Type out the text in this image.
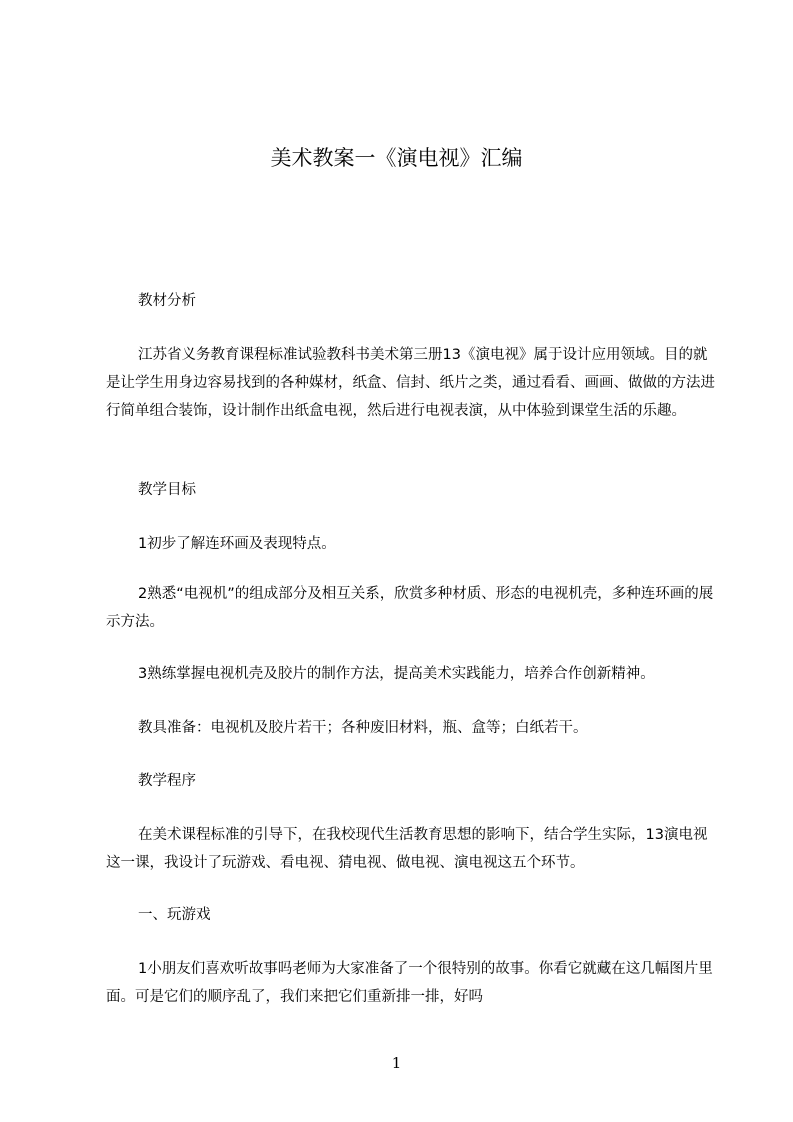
美术教案一《演电视》汇编

教材分析

江苏省义务教育课程标准试验教科书美术第三册13《演电视》属于设计应用领域。目的就是让学生用身边容易找到的各种媒材，纸盒、信封、纸片之类，通过看看、画画、做做的方法进行简单组合装饰，设计制作出纸盒电视，然后进行电视表演，从中体验到课堂生活的乐趣。

教学目标

1初步了解连环画及表现特点。

2熟悉“电视机”的组成部分及相互关系，欣赏多种材质、形态的电视机壳，多种连环画的展示方法。

3熟练掌握电视机壳及胶片的制作方法，提高美术实践能力，培养合作创新精神。

教具准备：电视机及胶片若干；各种废旧材料，瓶、盒等；白纸若干。

教学程序

在美术课程标准的引导下，在我校现代生活教育思想的影响下，结合学生实际，13演电视这一课，我设计了玩游戏、看电视、猜电视、做电视、演电视这五个环节。

一、玩游戏

1小朋友们喜欢听故事吗老师为大家准备了一个很特别的故事。你看它就藏在这几幅图片里面。可是它们的顺序乱了，我们来把它们重新排一排，好吗

1
